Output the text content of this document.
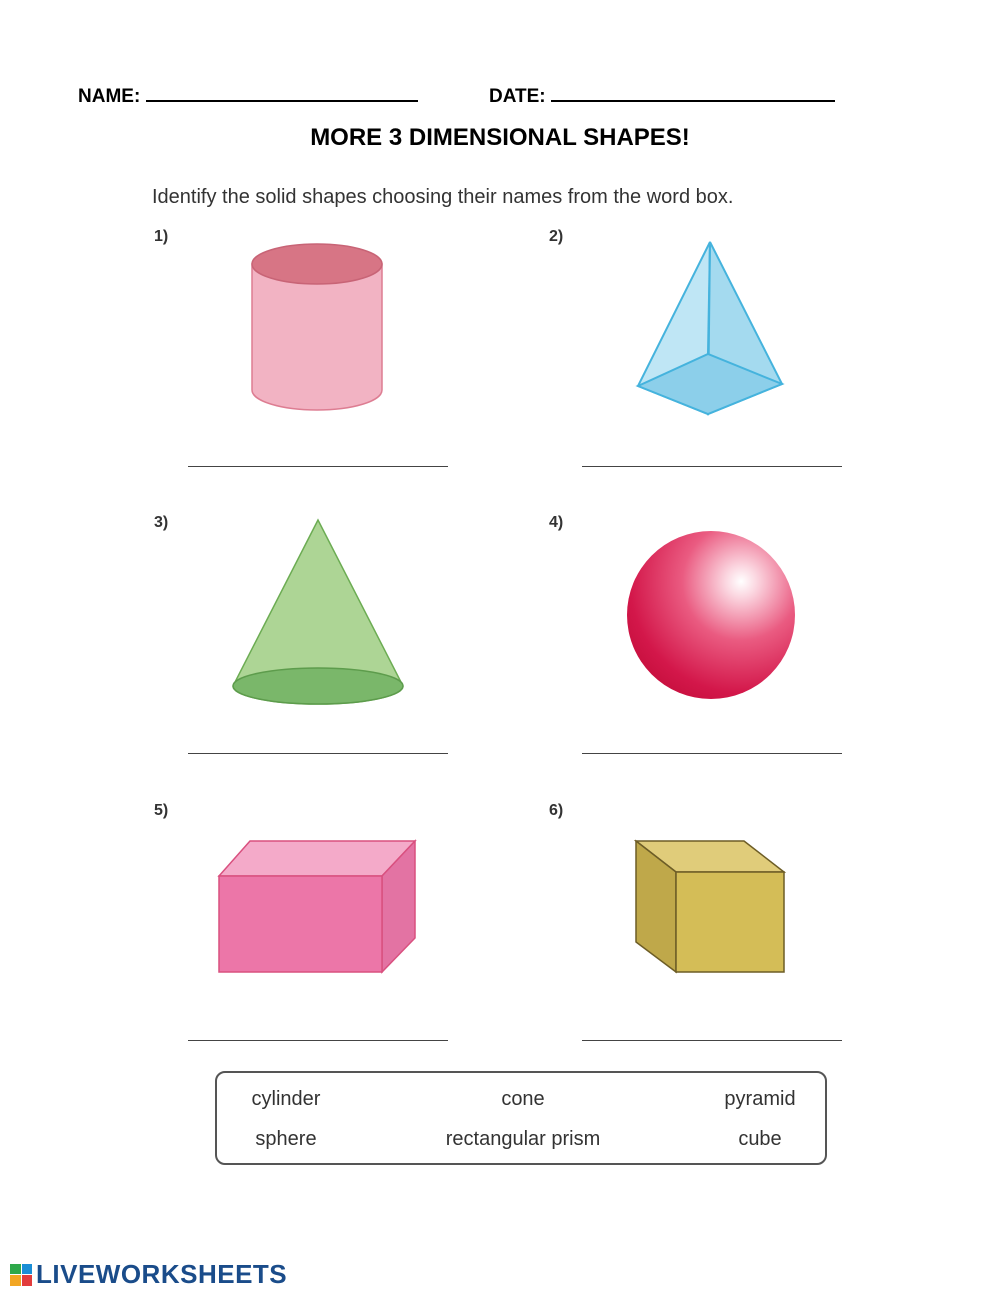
NAME:	DATE:
MORE 3 DIMENSIONAL SHAPES!
Identify the solid shapes choosing their names from the word box.
1)	2)
3)	4)
5)	6)
cylinder	cone	pyramid
sphere	rectangular prism	cube
LIVEWORKSHEETS
